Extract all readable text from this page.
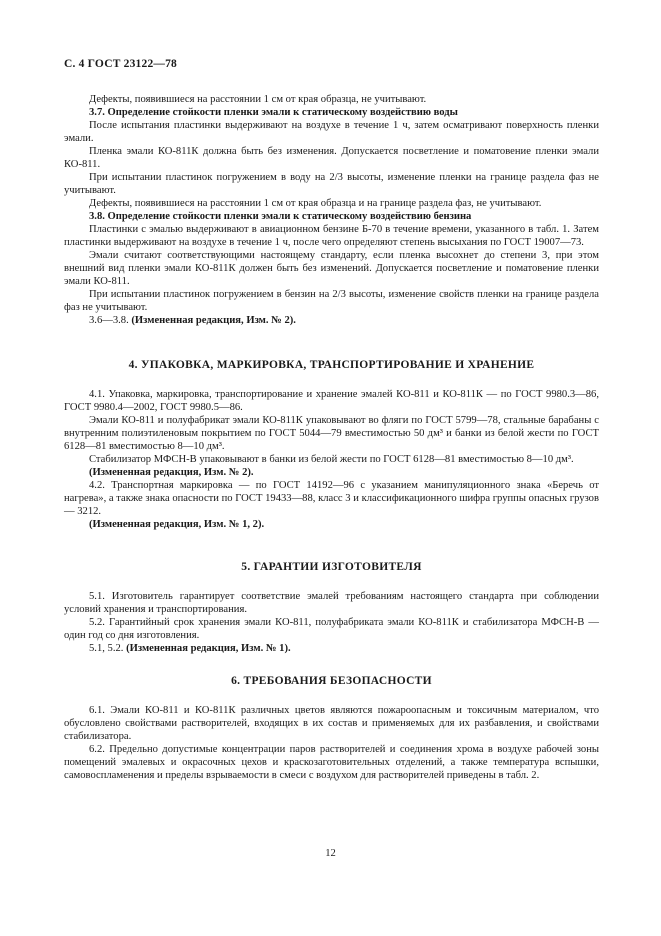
С. 4 ГОСТ 23122—78

Дефекты, появившиеся на расстоянии 1 см от края образца, не учитывают.

3.7. Определение стойкости пленки эмали к статическому воздействию воды

После испытания пластинки выдерживают на воздухе в течение 1 ч, затем осматривают поверхность пленки эмали.

Пленка эмали КО-811К должна быть без изменения. Допускается посветление и поматовение пленки эмали КО-811.

При испытании пластинок погружением в воду на 2/3 высоты, изменение пленки на границе раздела фаз не учитывают.

Дефекты, появившиеся на расстоянии 1 см от края образца и на границе раздела фаз, не учитывают.

3.8. Определение стойкости пленки эмали к статическому воздействию бензина

Пластинки с эмалью выдерживают в авиационном бензине Б-70 в течение времени, указанного в табл. 1. Затем пластинки выдерживают на воздухе в течение 1 ч, после чего определяют степень высыхания по ГОСТ 19007—73.

Эмали считают соответствующими настоящему стандарту, если пленка высохнет до степени 3, при этом внешний вид пленки эмали КО-811К должен быть без изменений. Допускается посветление и поматовение пленки эмали КО-811.

При испытании пластинок погружением в бензин на 2/3 высоты, изменение свойств пленки на границе раздела фаз не учитывают.

3.6—3.8. (Измененная редакция, Изм. № 2).

4. УПАКОВКА, МАРКИРОВКА, ТРАНСПОРТИРОВАНИЕ И ХРАНЕНИЕ

4.1. Упаковка, маркировка, транспортирование и хранение эмалей КО-811 и КО-811К — по ГОСТ 9980.3—86, ГОСТ 9980.4—2002, ГОСТ 9980.5—86.

Эмали КО-811 и полуфабрикат эмали КО-811К упаковывают во фляги по ГОСТ 5799—78, стальные барабаны с внутренним полиэтиленовым покрытием по ГОСТ 5044—79 вместимостью 50 дм³ и банки из белой жести по ГОСТ 6128—81 вместимостью 8—10 дм³.

Стабилизатор МФСН-В упаковывают в банки из белой жести по ГОСТ 6128—81 вместимостью 8—10 дм³.

(Измененная редакция, Изм. № 2).

4.2. Транспортная маркировка — по ГОСТ 14192—96 с указанием манипуляционного знака «Беречь от нагрева», а также знака опасности по ГОСТ 19433—88, класс 3 и классификационного шифра группы опасных грузов — 3212.

(Измененная редакция, Изм. № 1, 2).

5. ГАРАНТИИ ИЗГОТОВИТЕЛЯ

5.1. Изготовитель гарантирует соответствие эмалей требованиям настоящего стандарта при соблюдении условий хранения и транспортирования.

5.2. Гарантийный срок хранения эмали КО-811, полуфабриката эмали КО-811К и стабилизатора МФСН-В — один год со дня изготовления.

5.1, 5.2. (Измененная редакция, Изм. № 1).

6. ТРЕБОВАНИЯ БЕЗОПАСНОСТИ

6.1. Эмали КО-811 и КО-811К различных цветов являются пожароопасным и токсичным материалом, что обусловлено свойствами растворителей, входящих в их состав и применяемых для их разбавления, и свойствами стабилизатора.

6.2. Предельно допустимые концентрации паров растворителей и соединения хрома в воздухе рабочей зоны помещений эмалевых и окрасочных цехов и краскозаготовительных отделений, а также температура вспышки, самовоспламенения и пределы взрываемости в смеси с воздухом для растворителей приведены в табл. 2.

12
